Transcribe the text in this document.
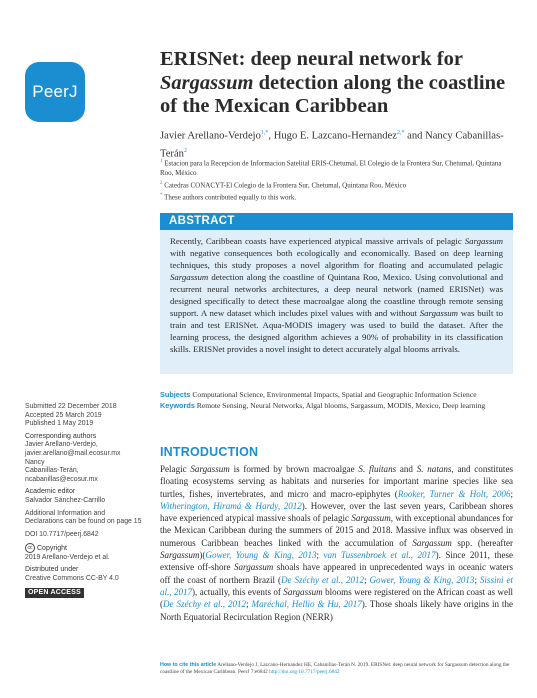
PeerJ
ERISNet: deep neural network for
Sargassum detection along the coastline of the Mexican Caribbean
Javier Arellano-Verdejo$^{1,*}$, Hugo E. Lazcano-Hernandez$^{2,*}$ and Nancy Cabanillas-Terán$^2$
$^1$ Estacion para la Recepcion de Informacion Satelital ERIS-Chetumal, El Colegio de la Frontera Sur, Chetumal, Quintana Roo, México
$^2$ Catedras CONACYT-El Colegio de la Frontera Sur, Chetumal, Quintana Roo, México
* These authors contributed equally to this work.
ABSTRACT
Recently, Caribbean coasts have experienced atypical massive arrivals of pelagic Sargassum with negative consequences both ecologically and economically. Based on deep learning techniques, this study proposes a novel algorithm for floating and accumulated pelagic Sargassum detection along the coastline of Quintana Roo, Mexico. Using convolutional and recurrent neural networks architectures, a deep neural network (named ERISNet) was designed specifically to detect these macroalgae along the coastline through remote sensing support. A new dataset which includes pixel values with and without Sargassum was built to train and test ERISNet. Aqua-MODIS imagery was used to build the dataset. After the learning process, the designed algorithm achieves a 90% of probability in its classification skills. ERISNet provides a novel insight to detect accurately algal blooms arrivals.
Subjects Computational Science, Environmental Impacts, Spatial and Geographic Information Science
Keywords Remote Sensing, Neural Networks, Algal blooms, Sargassum, MODIS, Mexico, Deep learning
Submitted 22 December 2018
Accepted 25 March 2019
Published 1 May 2019
Corresponding authors
Javier Arellano-Verdejo,
javier.arellano@mail.ecosur.mx
Nancy
Cabanillas-Terán,
ncabanillas@ecosur.mx
Academic editor
Salvador Sánchez-Carrillo
Additional Information and Declarations can be found on page 15
DOI 10.7717/peerj.6842
cc Copyright
2019 Arellano-Verdejo et al.
Distributed under
Creative Commons CC-BY 4.0
OPEN ACCESS
INTRODUCTION
Pelagic Sargassum is formed by brown macroalgae S. fluitans and S. natans, and constitutes floating ecosystems serving as habitats and nurseries for important marine species like sea turtles, fishes, invertebrates, and micro and macro-epiphytes (Rooker, Turner & Holt, 2006; Witherington, Hiramá & Hardy, 2012). However, over the last seven years, Caribbean shores have experienced atypical massive shoals of pelagic Sargassum, with exceptional abundances for the Mexican Caribbean during the summers of 2015 and 2018. Massive influx was observed in numerous Caribbean beaches linked with the accumulation of Sargassum spp. (hereafter Sargassum)(Gower, Young & King, 2013; van Tussenbroek et al., 2017). Since 2011, these extensive off-shore Sargassum shoals have appeared in unprecedented ways in oceanic waters off the coast of northern Brazil (De Széchy et al., 2012; Gower, Young & King, 2013; Sissini et al., 2017), actually, this events of Sargassum blooms were registered on the African coast as well (De Széchy et al., 2012; Maréchal, Hellio & Hu, 2017). Those shoals likely have origins in the North Equatorial Recirculation Region (NERR)
How to cite this article Arellano-Verdejo J, Lazcano-Hernandez HE, Cabanillas-Terán N. 2019. ERISNet: deep neural network for Sargassum detection along the coastline of the Mexican Caribbean. PeerJ 7:e6842 http://doi.org/10.7717/peerj.6842
